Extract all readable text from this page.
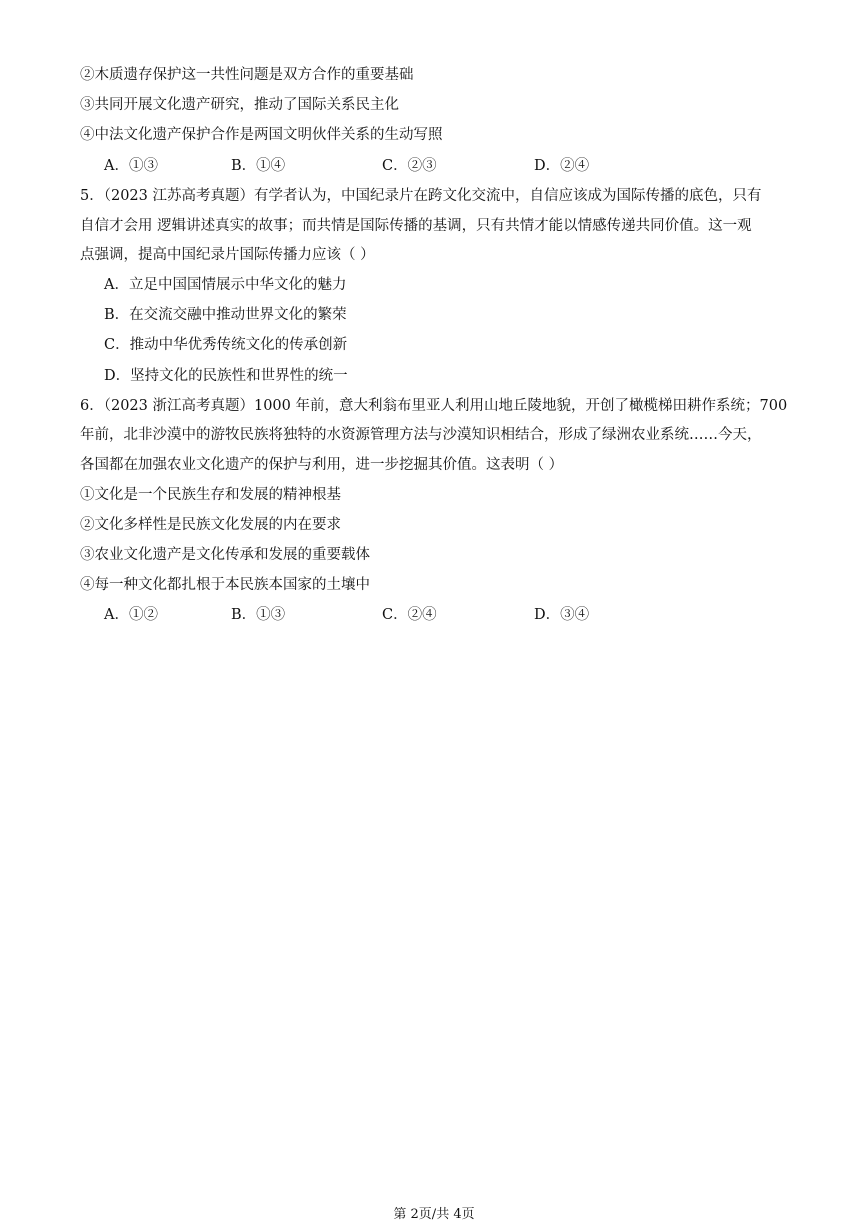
②木质遗存保护这一共性问题是双方合作的重要基础
③共同开展文化遗产研究，推动了国际关系民主化
④中法文化遗产保护合作是两国文明伙伴关系的生动写照
A．①③	B．①④	C．②③	D．②④
5．（2023 江苏高考真题）有学者认为，中国纪录片在跨文化交流中，自信应该成为国际传播的底色，只有
自信才会用 逻辑讲述真实的故事；而共情是国际传播的基调，只有共情才能以情感传递共同价值。这一观
点强调，提高中国纪录片国际传播力应该（ ）
A．立足中国国情展示中华文化的魅力
B．在交流交融中推动世界文化的繁荣
C．推动中华优秀传统文化的传承创新
D．坚持文化的民族性和世界性的统一
6．（2023 浙江高考真题）1000 年前，意大利翁布里亚人利用山地丘陵地貌，开创了橄榄梯田耕作系统；700
年前，北非沙漠中的游牧民族将独特的水资源管理方法与沙漠知识相结合，形成了绿洲农业系统……今天，
各国都在加强农业文化遗产的保护与利用，进一步挖掘其价值。这表明（ ）
①文化是一个民族生存和发展的精神根基
②文化多样性是民族文化发展的内在要求
③农业文化遗产是文化传承和发展的重要载体
④每一种文化都扎根于本民族本国家的土壤中
A．①②	B．①③	C．②④	D．③④
第 2页/共 4页
